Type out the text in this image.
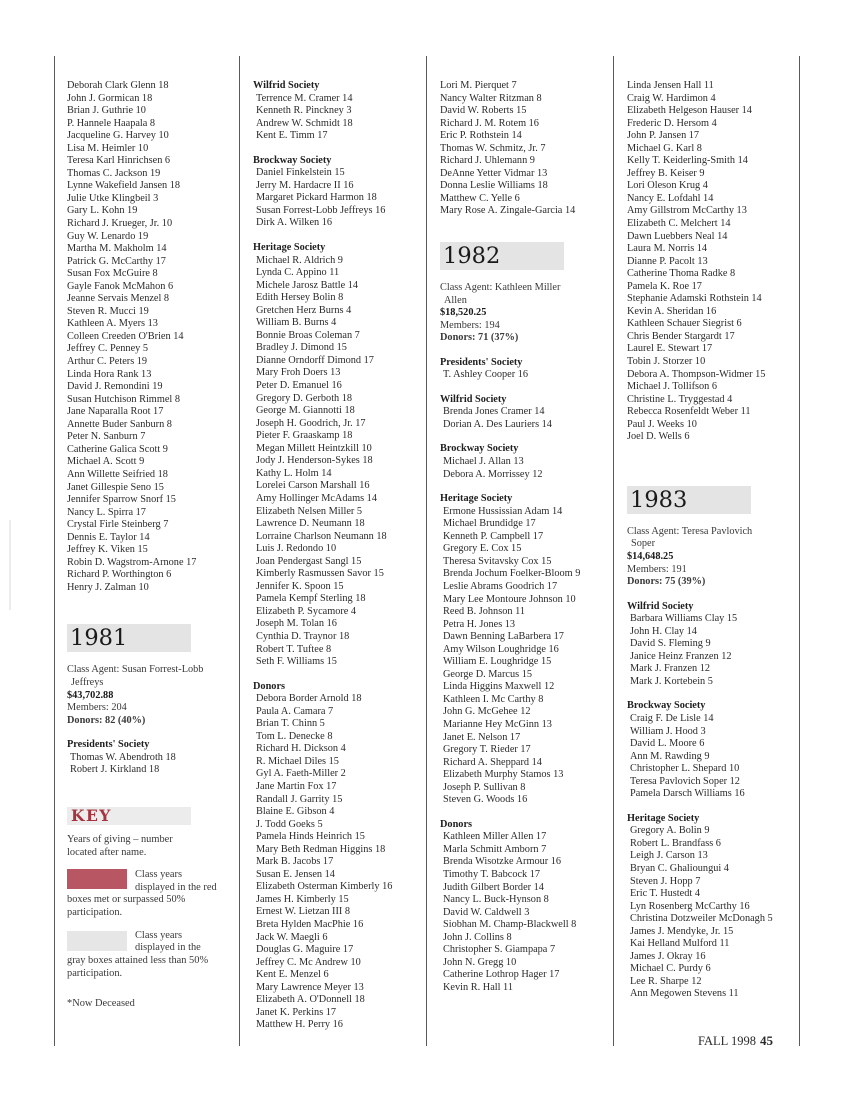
Deborah Clark Glenn 18
John J. Gormican 18
Brian J. Guthrie 10
P. Hannele Haapala 8
Jacqueline G. Harvey 10
Lisa M. Heimler 10
Teresa Karl Hinrichsen 6
Thomas C. Jackson 19
Lynne Wakefield Jansen 18
Julie Utke Klingbeil 3
Gary L. Kohn 19
Richard J. Krueger, Jr. 10
Guy W. Lenardo 19
Martha M. Makholm 14
Patrick G. McCarthy 17
Susan Fox McGuire 8
Gayle Fanok McMahon 6
Jeanne Servais Menzel 8
Steven R. Mucci 19
Kathleen A. Myers 13
Colleen Creeden O'Brien 14
Jeffrey C. Penney 5
Arthur C. Peters 19
Linda Hora Rank 13
David J. Remondini 19
Susan Hutchison Rimmel 8
Jane Naparalla Root 17
Annette Buder Sanburn 8
Peter N. Sanburn 7
Catherine Galica Scott 9
Michael A. Scott 9
Ann Willette Seifried 18
Janet Gillespie Seno 15
Jennifer Sparrow Snorf 15
Nancy L. Spirra 17
Crystal Firle Steinberg 7
Dennis E. Taylor 14
Jeffrey K. Viken 15
Robin D. Wagstrom-Arnone 17
Richard P. Worthington 6
Henry J. Zalman 10
1981
Class Agent: Susan Forrest-Lobb
Jeffreys
$43,702.88
Members: 204
Donors: 82 (40%)
Presidents' Society
Thomas W. Abendroth 18
Robert J. Kirkland 18
KEY
Years of giving – number located after name.
Class years displayed in the red boxes met or surpassed 50% participation.
Class years displayed in the gray boxes attained less than 50% participation.
*Now Deceased
Wilfrid Society
Terrence M. Cramer 14
Kenneth R. Pinckney 3
Andrew W. Schmidt 18
Kent E. Timm 17
Brockway Society
Daniel Finkelstein 15
Jerry M. Hardacre II 16
Margaret Pickard Harmon 18
Susan Forrest-Lobb Jeffreys 16
Dirk A. Wilken 16
Heritage Society
Michael R. Aldrich 9
Lynda C. Appino 11
Michele Jarosz Battle 14
Edith Hersey Bolin 8
Gretchen Herz Burns 4
William B. Burns 4
Bonnie Broas Coleman 7
Bradley J. Dimond 15
Dianne Orndorff Dimond 17
Mary Froh Doers 13
Peter D. Emanuel 16
Gregory D. Gerboth 18
George M. Giannotti 18
Joseph H. Goodrich, Jr. 17
Pieter F. Graaskamp 18
Megan Millett Heintzkill 10
Jody J. Henderson-Sykes 18
Kathy L. Holm 14
Lorelei Carson Marshall 16
Amy Hollinger McAdams 14
Elizabeth Nelsen Miller 5
Lawrence D. Neumann 18
Lorraine Charlson Neumann 18
Luis J. Redondo 10
Joan Pendergast Sangl 15
Kimberly Rasmussen Savor 15
Jennifer K. Spoon 15
Pamela Kempf Sterling 18
Elizabeth P. Sycamore 4
Joseph M. Tolan 16
Cynthia D. Traynor 18
Robert T. Tuftee 8
Seth F. Williams 15
Donors
Debora Border Arnold 18
Paula A. Camara 7
Brian T. Chinn 5
Tom L. Denecke 8
Richard H. Dickson 4
R. Michael Diles 15
Gyl A. Faeth-Miller 2
Jane Martin Fox 17
Randall J. Garrity 15
Blaine E. Gibson 4
J. Todd Goeks 5
Pamela Hinds Heinrich 15
Mary Beth Redman Higgins 18
Mark B. Jacobs 17
Susan E. Jensen 14
Elizabeth Osterman Kimberly 16
James H. Kimberly 15
Ernest W. Lietzan III 8
Breta Hylden MacPhie 16
Jack W. Maegli 6
Douglas G. Maguire 17
Jeffrey C. Mc Andrew 10
Kent E. Menzel 6
Mary Lawrence Meyer 13
Elizabeth A. O'Donnell 18
Janet K. Perkins 17
Matthew H. Perry 16
Lori M. Pierquet 7
Nancy Walter Ritzman 8
David W. Roberts 15
Richard J. M. Rotem 16
Eric P. Rothstein 14
Thomas W. Schmitz, Jr. 7
Richard J. Uhlemann 9
DeAnne Yetter Vidmar 13
Donna Leslie Williams 18
Matthew C. Yelle 6
Mary Rose A. Zingale-Garcia 14
1982
Class Agent: Kathleen Miller
Allen
$18,520.25
Members: 194
Donors: 71 (37%)
Presidents' Society
T. Ashley Cooper 16
Wilfrid Society
Brenda Jones Cramer 14
Dorian A. Des Lauriers 14
Brockway Society
Michael J. Allan 13
Debora A. Morrissey 12
Heritage Society
Ermone Hussissian Adam 14
Michael Brundidge 17
Kenneth P. Campbell 17
Gregory E. Cox 15
Theresa Svitavsky Cox 15
Brenda Jochum Foelker-Bloom 9
Leslie Abrams Goodrich 17
Mary Lee Montoure Johnson 10
Reed B. Johnson 11
Petra H. Jones 13
Dawn Benning LaBarbera 17
Amy Wilson Loughridge 16
William E. Loughridge 15
George D. Marcus 15
Linda Higgins Maxwell 12
Kathleen I. Mc Carthy 8
John G. McGehee 12
Marianne Hey McGinn 13
Janet E. Nelson 17
Gregory T. Rieder 17
Richard A. Sheppard 14
Elizabeth Murphy Stamos 13
Joseph P. Sullivan 8
Steven G. Woods 16
Donors
Kathleen Miller Allen 17
Marla Schmitt Amborn 7
Brenda Wisotzke Armour 16
Timothy T. Babcock 17
Judith Gilbert Border 14
Nancy L. Buck-Hynson 8
David W. Caldwell 3
Siobhan M. Champ-Blackwell 8
John J. Collins 8
Christopher S. Giampapa 7
John N. Gregg 10
Catherine Lothrop Hager 17
Kevin R. Hall 11
Linda Jensen Hall 11
Craig W. Hardimon 4
Elizabeth Helgeson Hauser 14
Frederic D. Hersom 4
John P. Jansen 17
Michael G. Karl 8
Kelly T. Keiderling-Smith 14
Jeffrey B. Keiser 9
Lori Oleson Krug 4
Nancy E. Lofdahl 14
Amy Gillstrom McCarthy 13
Elizabeth C. Melchert 14
Dawn Luebbers Neal 14
Laura M. Norris 14
Dianne P. Pacolt 13
Catherine Thoma Radke 8
Pamela K. Roe 17
Stephanie Adamski Rothstein 14
Kevin A. Sheridan 16
Kathleen Schauer Siegrist 6
Chris Bender Stargardt 17
Laurel E. Stewart 17
Tobin J. Storzer 10
Debora A. Thompson-Widmer 15
Michael J. Tollifson 6
Christine L. Tryggestad 4
Rebecca Rosenfeldt Weber 11
Paul J. Weeks 10
Joel D. Wells 6
1983
Class Agent: Teresa Pavlovich
Soper
$14,648.25
Members: 191
Donors: 75 (39%)
Wilfrid Society
Barbara Williams Clay 15
John H. Clay 14
David S. Fleming 9
Janice Heinz Franzen 12
Mark J. Franzen 12
Mark J. Kortebein 5
Brockway Society
Craig F. De Lisle 14
William J. Hood 3
David L. Moore 6
Ann M. Rawding 9
Christopher L. Shepard 10
Teresa Pavlovich Soper 12
Pamela Darsch Williams 16
Heritage Society
Gregory A. Bolin 9
Robert L. Brandfass 6
Leigh J. Carson 13
Bryan C. Ghalioungui 4
Steven J. Hopp 7
Eric T. Hustedt 4
Lyn Rosenberg McCarthy 16
Christina Dotzweiler McDonagh 5
James J. Mendyke, Jr. 15
Kai Helland Mulford 11
James J. Okray 16
Michael C. Purdy 6
Lee R. Sharpe 12
Ann Megowen Stevens 11
FALL 1998 45
